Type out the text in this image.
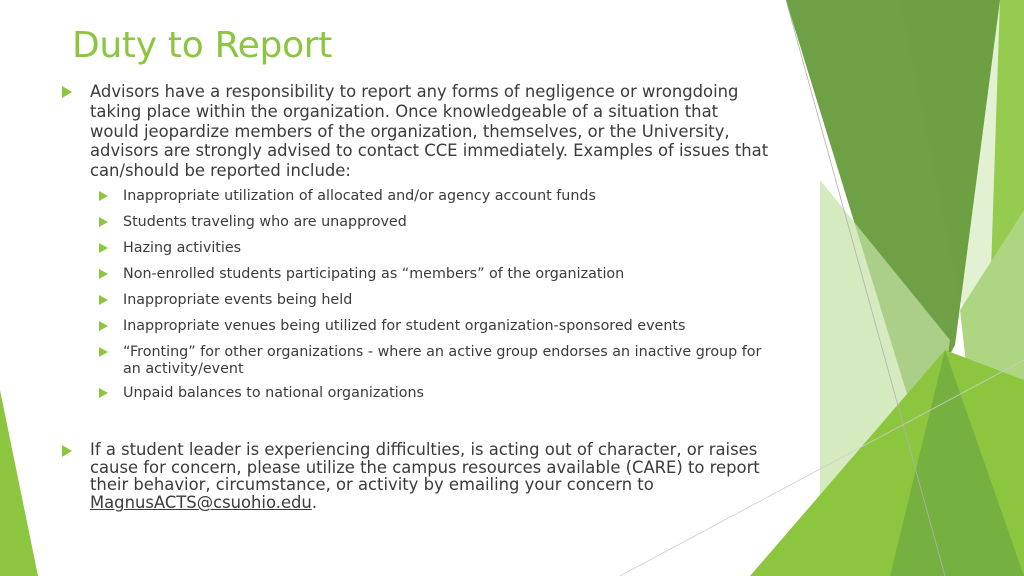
Duty to Report
Advisors have a responsibility to report any forms of negligence or wrongdoing taking place within the organization. Once knowledgeable of a situation that would jeopardize members of the organization, themselves, or the University, advisors are strongly advised to contact CCE immediately. Examples of issues that can/should be reported include:
Inappropriate utilization of allocated and/or agency account funds
Students traveling who are unapproved
Hazing activities
Non-enrolled students participating as “members” of the organization
Inappropriate events being held
Inappropriate venues being utilized for student organization-sponsored events
“Fronting” for other organizations - where an active group endorses an inactive group for an activity/event
Unpaid balances to national organizations
If a student leader is experiencing difficulties, is acting out of character, or raises cause for concern, please utilize the campus resources available (CARE) to report their behavior, circumstance, or activity by emailing your concern to MagnusACTS@csuohio.edu.
